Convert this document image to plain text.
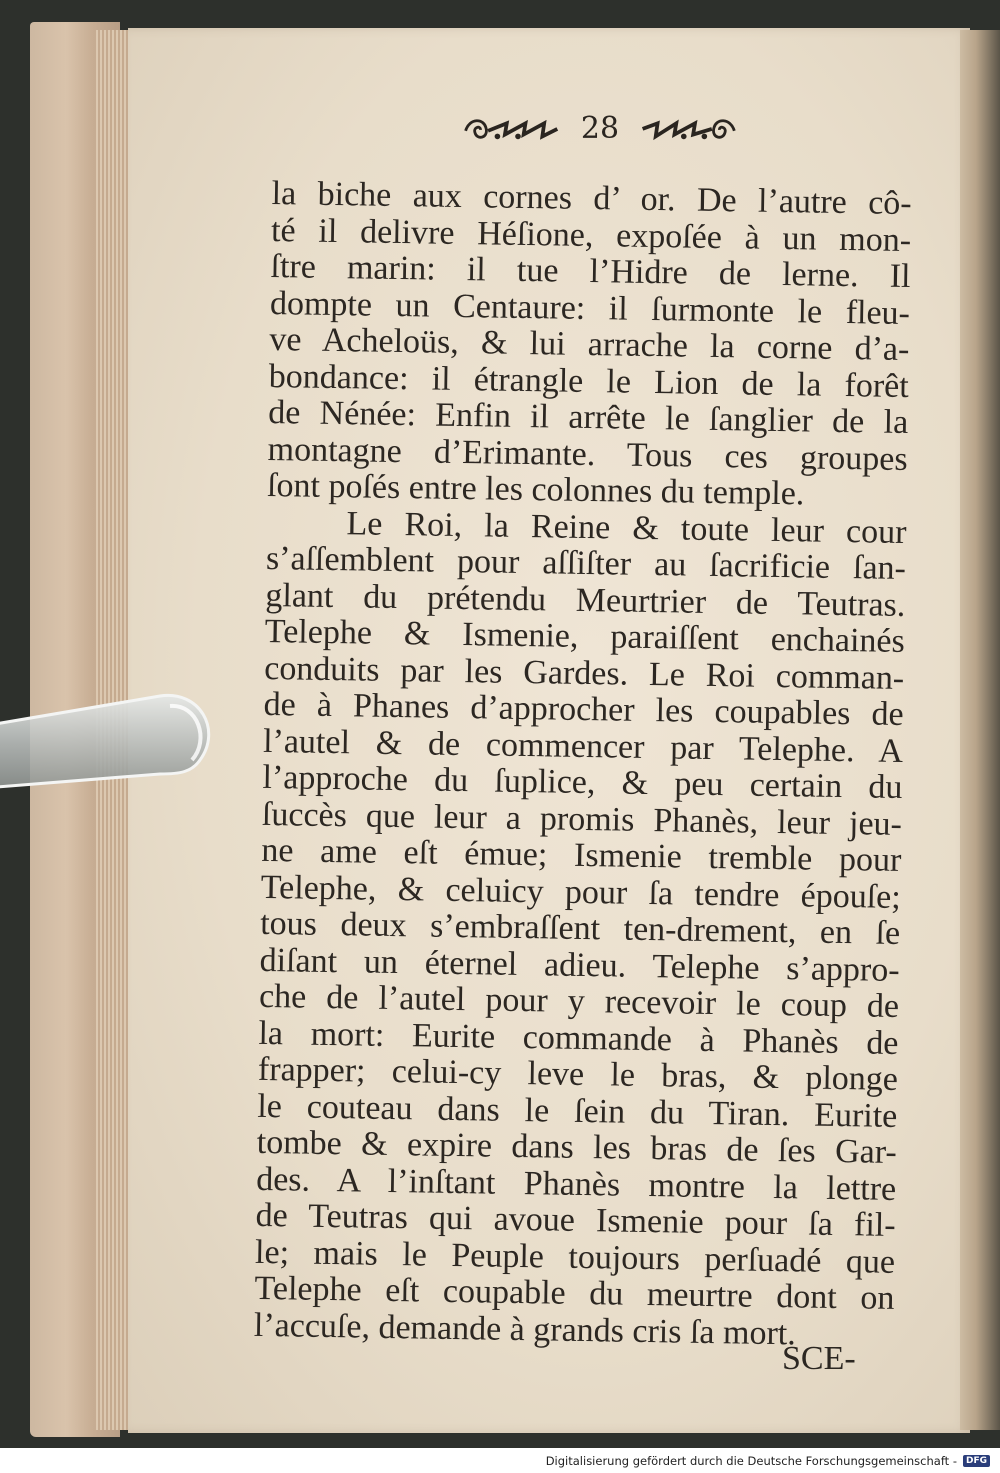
28
la biche aux cornes d’ or. De l’autre cô-
té il delivre Héſione, expoſée à un mon-
ſtre marin: il tue l’Hidre de lerne. Il
dompte un Centaure: il ſurmonte le fleu-
ve Acheloüs, & lui arrache la corne d’a-
bondance: il étrangle le Lion de la forêt
de Nénée: Enfin il arrête le ſanglier de la
montagne d’Erimante. Tous ces groupes
ſont poſés entre les colonnes du temple.
Le Roi, la Reine & toute leur cour
s’aſſemblent pour aſſiſter au ſacrificie ſan-
glant du prétendu Meurtrier de Teutras.
Telephe & Ismenie, paraiſſent enchainés
conduits par les Gardes. Le Roi comman-
de à Phanes d’approcher les coupables de
l’autel & de commencer par Telephe. A
l’approche du ſuplice, & peu certain du
ſuccès que leur a promis Phanès, leur jeu-
ne ame eſt émue; Ismenie tremble pour
Telephe, & celuicy pour ſa tendre épouſe;
tous deux s’embraſſent ten-drement, en ſe
diſant un éternel adieu. Telephe s’appro-
che de l’autel pour y recevoir le coup de
la mort: Eurite commande à Phanès de
frapper; celui-cy leve le bras, & plonge
le couteau dans le ſein du Tiran. Eurite
tombe & expire dans les bras de ſes Gar-
des. A l’inſtant Phanès montre la lettre
de Teutras qui avoue Ismenie pour ſa fil-
le; mais le Peuple toujours perſuadé que
Telephe eſt coupable du meurtre dont on
l’accuſe, demande à grands cris ſa mort.
SCE-
Digitalisierung gefördert durch die Deutsche Forschungsgemeinschaft -	DFG
